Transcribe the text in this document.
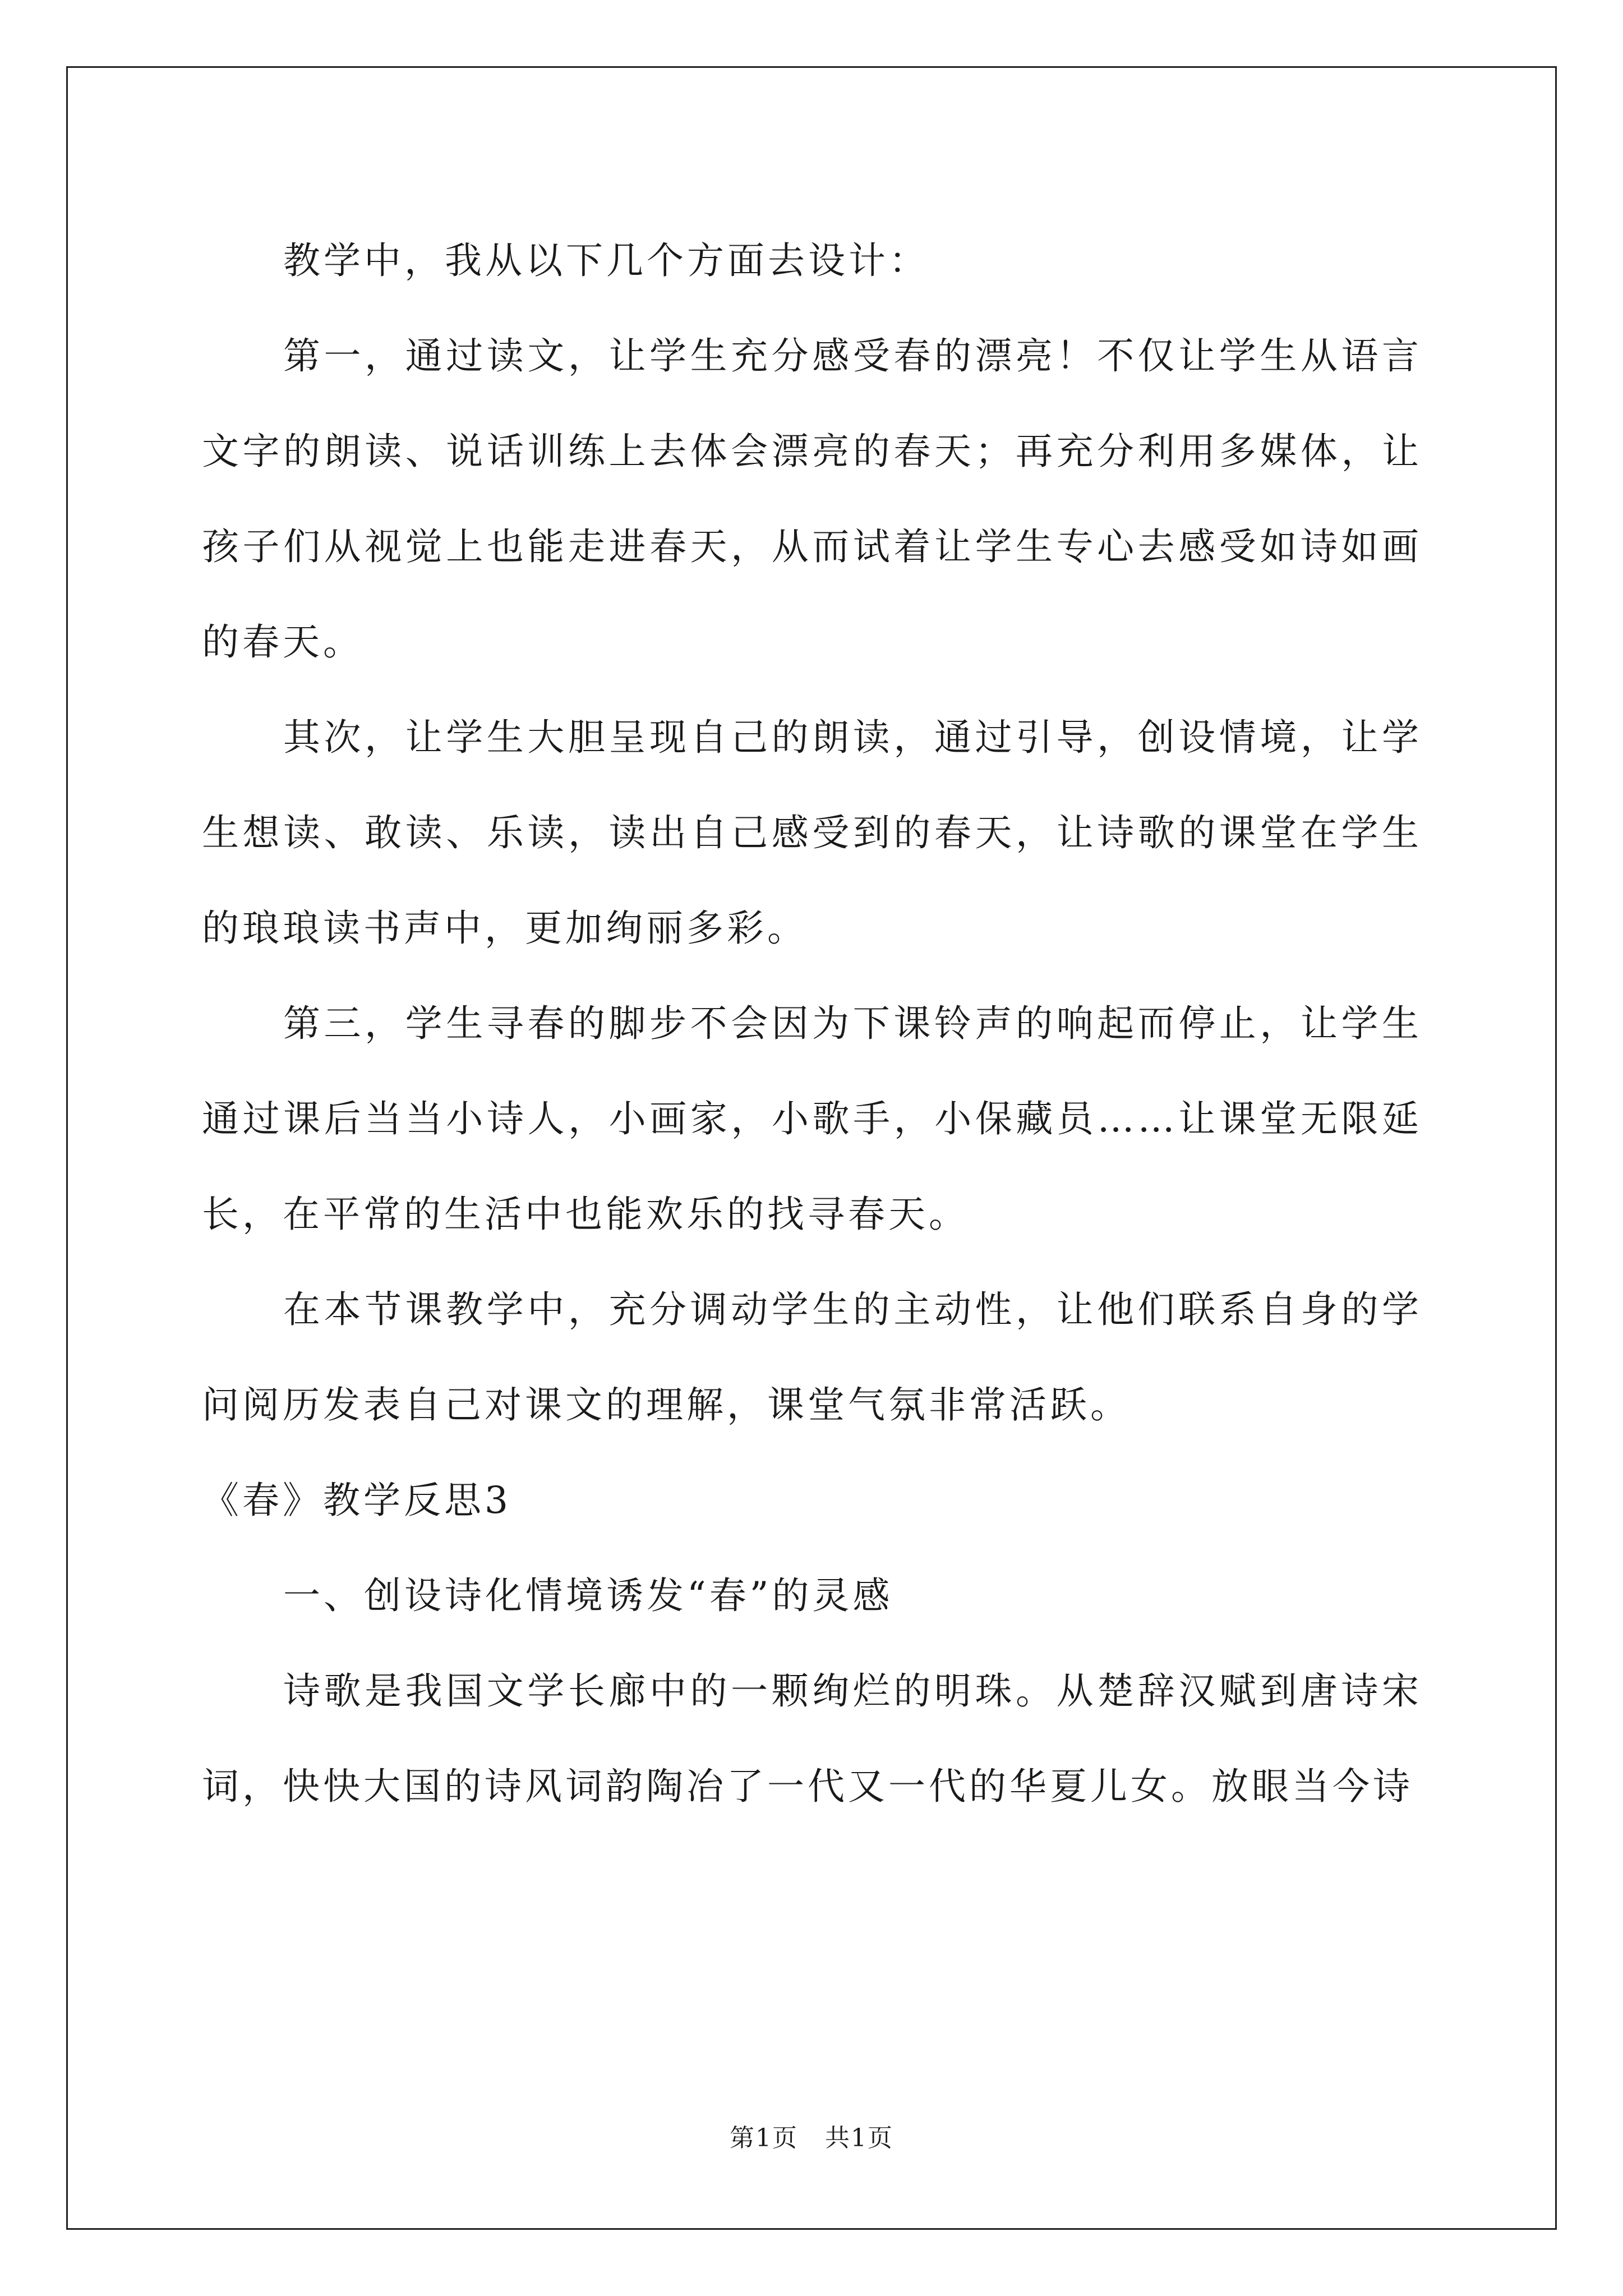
教学中，我从以下几个方面去设计：

第一，通过读文，让学生充分感受春的漂亮！不仅让学生从语言文字的朗读、说话训练上去体会漂亮的春天；再充分利用多媒体，让孩子们从视觉上也能走进春天，从而试着让学生专心去感受如诗如画的春天。

其次，让学生大胆呈现自己的朗读，通过引导，创设情境，让学生想读、敢读、乐读，读出自己感受到的春天，让诗歌的课堂在学生的琅琅读书声中，更加绚丽多彩。

第三，学生寻春的脚步不会因为下课铃声的响起而停止，让学生通过课后当当小诗人，小画家，小歌手，小保藏员……让课堂无限延长，在平常的生活中也能欢乐的找寻春天。

在本节课教学中，充分调动学生的主动性，让他们联系自身的学问阅历发表自己对课文的理解，课堂气氛非常活跃。

《春》教学反思3

一、创设诗化情境诱发“春”的灵感

诗歌是我国文学长廊中的一颗绚烂的明珠。从楚辞汉赋到唐诗宋词，快快大国的诗风词韵陶冶了一代又一代的华夏儿女。放眼当今诗

第1页   共1页
